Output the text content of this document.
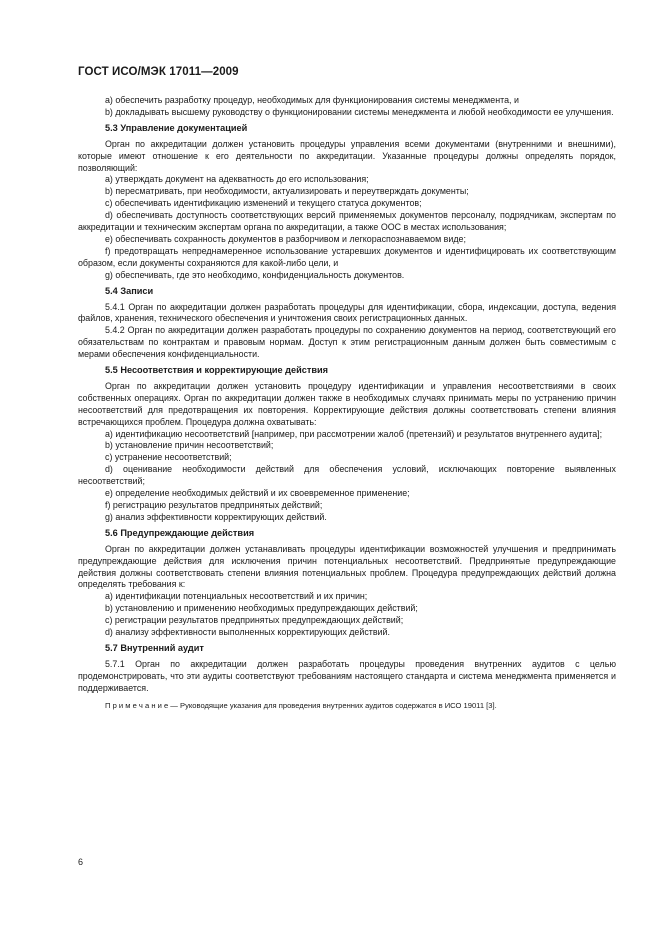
ГОСТ ИСО/МЭК 17011—2009

а) обеспечить разработку процедур, необходимых для функционирования системы менеджмента, и

b) докладывать высшему руководству о функционировании системы менеджмента и любой необходимости ее улучшения.

5.3 Управление документацией

Орган по аккредитации должен установить процедуры управления всеми документами (внутренними и внешними), которые имеют отношение к его деятельности по аккредитации. Указанные процедуры должны определять порядок, позволяющий:

а) утверждать документ на адекватность до его использования;

b) пересматривать, при необходимости, актуализировать и переутверждать документы;

c) обеспечивать идентификацию изменений и текущего статуса документов;

d) обеспечивать доступность соответствующих версий применяемых документов персоналу, подрядчикам, экспертам по аккредитации и техническим экспертам органа по аккредитации, а также ООС в местах использования;

е) обеспечивать сохранность документов в разборчивом и легкораспознаваемом виде;

f) предотвращать непреднамеренное использование устаревших документов и идентифицировать их соответствующим образом, если документы сохраняются для какой-либо цели, и

g) обеспечивать, где это необходимо, конфиденциальность документов.

5.4 Записи

5.4.1 Орган по аккредитации должен разработать процедуры для идентификации, сбора, индексации, доступа, ведения файлов, хранения, технического обеспечения и уничтожения своих регистрационных данных.

5.4.2 Орган по аккредитации должен разработать процедуры по сохранению документов на период, соответствующий его обязательствам по контрактам и правовым нормам. Доступ к этим регистрационным данным должен быть совместимым с мерами обеспечения конфиденциальности.

5.5 Несоответствия и корректирующие действия

Орган по аккредитации должен установить процедуру идентификации и управления несоответствиями в своих собственных операциях. Орган по аккредитации должен также в необходимых случаях принимать меры по устранению причин несоответствий для предотвращения их повторения. Корректирующие действия должны соответствовать степени влияния встречающихся проблем. Процедура должна охватывать:

а) идентификацию несоответствий [например, при рассмотрении жалоб (претензий) и результатов внутреннего аудита];

b) установление причин несоответствий;

c) устранение несоответствий;

d) оценивание необходимости действий для обеспечения условий, исключающих повторение выявленных несоответствий;

е) определение необходимых действий и их своевременное применение;

f) регистрацию результатов предпринятых действий;

g) анализ эффективности корректирующих действий.

5.6 Предупреждающие действия

Орган по аккредитации должен устанавливать процедуры идентификации возможностей улучшения и предпринимать предупреждающие действия для исключения причин потенциальных несоответствий. Предпринятые предупреждающие действия должны соответствовать степени влияния потенциальных проблем. Процедура предупреждающих действий должна определять требования к:

а) идентификации потенциальных несоответствий и их причин;

b) установлению и применению необходимых предупреждающих действий;

c) регистрации результатов предпринятых предупреждающих действий;

d) анализу эффективности выполненных корректирующих действий.

5.7 Внутренний аудит

5.7.1 Орган по аккредитации должен разработать процедуры проведения внутренних аудитов с целью продемонстрировать, что эти аудиты соответствуют требованиям настоящего стандарта и система менеджмента применяется и поддерживается.

П р и м е ч а н и е — Руководящие указания для проведения внутренних аудитов содержатся в ИСО 19011 [3].

6
